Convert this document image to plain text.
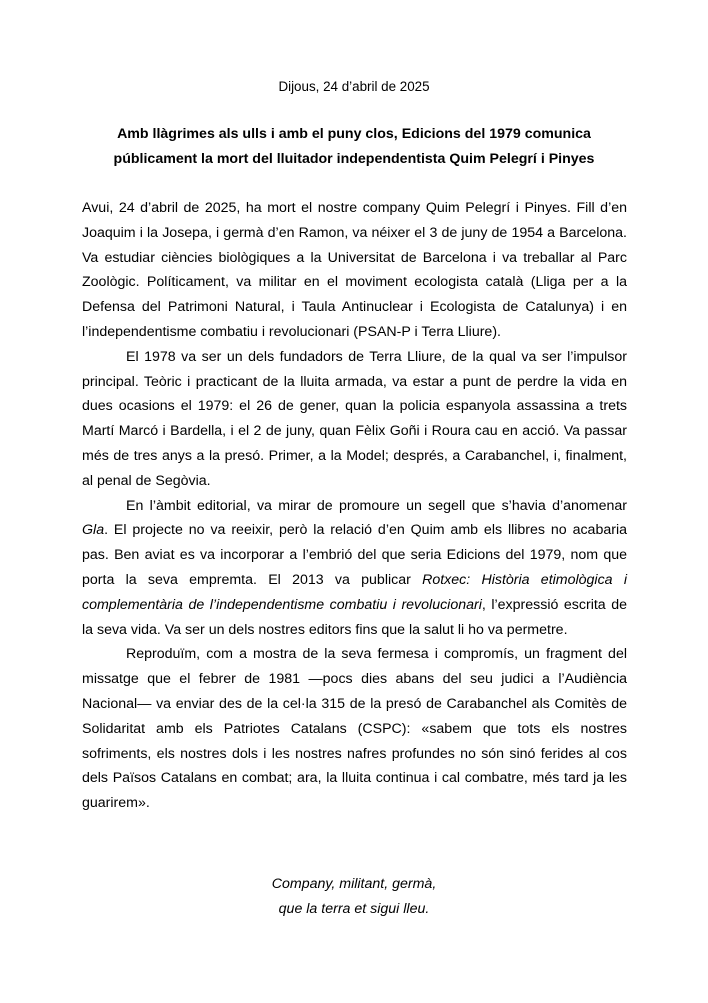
Dijous, 24 d’abril de 2025
Amb llàgrimes als ulls i amb el puny clos, Edicions del 1979 comunica
públicament la mort del lluitador independentista Quim Pelegrí i Pinyes

Avui, 24 d’abril de 2025, ha mort el nostre company Quim Pelegrí i Pinyes. Fill d’en Joaquim i la Josepa, i germà d’en Ramon, va néixer el 3 de juny de 1954 a Barcelona. Va estudiar ciències biològiques a la Universitat de Barcelona i va treballar al Parc Zoològic. Políticament, va militar en el moviment ecologista català (Lliga per a la Defensa del Patrimoni Natural, i Taula Antinuclear i Ecologista de Catalunya) i en l’independentisme combatiu i revolucionari (PSAN-P i Terra Lliure).

El 1978 va ser un dels fundadors de Terra Lliure, de la qual va ser l’impulsor principal. Teòric i practicant de la lluita armada, va estar a punt de perdre la vida en dues ocasions el 1979: el 26 de gener, quan la policia espanyola assassina a trets Martí Marcó i Bardella, i el 2 de juny, quan Fèlix Goñi i Roura cau en acció. Va passar més de tres anys a la presó. Primer, a la Model; després, a Carabanchel, i, finalment, al penal de Segòvia.

En l’àmbit editorial, va mirar de promoure un segell que s’havia d’anomenar Gla. El projecte no va reeixir, però la relació d’en Quim amb els llibres no acabaria pas. Ben aviat es va incorporar a l’embrió del que seria Edicions del 1979, nom que porta la seva empremta. El 2013 va publicar Rotxec: Història etimològica i complementària de l’independentisme combatiu i revolucionari, l’expressió escrita de la seva vida. Va ser un dels nostres editors fins que la salut li ho va permetre.

Reproduïm, com a mostra de la seva fermesa i compromís, un fragment del missatge que el febrer de 1981 —pocs dies abans del seu judici a l’Audiència Nacional— va enviar des de la cel·la 315 de la presó de Carabanchel als Comitès de Solidaritat amb els Patriotes Catalans (CSPC): «sabem que tots els nostres sofriments, els nostres dols i les nostres nafres profundes no són sinó ferides al cos dels Països Catalans en combat; ara, la lluita continua i cal combatre, més tard ja les guarirem».

Company, militant, germà,
que la terra et sigui lleu.
